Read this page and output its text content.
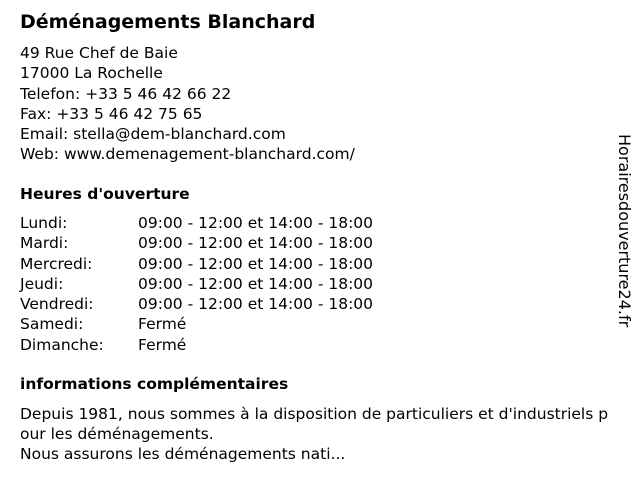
Déménagements Blanchard
49 Rue Chef de Baie
17000 La Rochelle
Telefon: +33 5 46 42 66 22
Fax: +33 5 46 42 75 65
Email: stella@dem-blanchard.com
Web: www.demenagement-blanchard.com/
Heures d'ouverture
Lundi:	09:00 - 12:00 et 14:00 - 18:00
Mardi:	09:00 - 12:00 et 14:00 - 18:00
Mercredi:	09:00 - 12:00 et 14:00 - 18:00
Jeudi:	09:00 - 12:00 et 14:00 - 18:00
Vendredi:	09:00 - 12:00 et 14:00 - 18:00
Samedi:	Fermé
Dimanche:	Fermé
informations complémentaires
Depuis 1981, nous sommes à la disposition de particuliers et d'industriels pour les déménagements.
Nous assurons les déménagements nati...
Horairesdouverture24.fr
